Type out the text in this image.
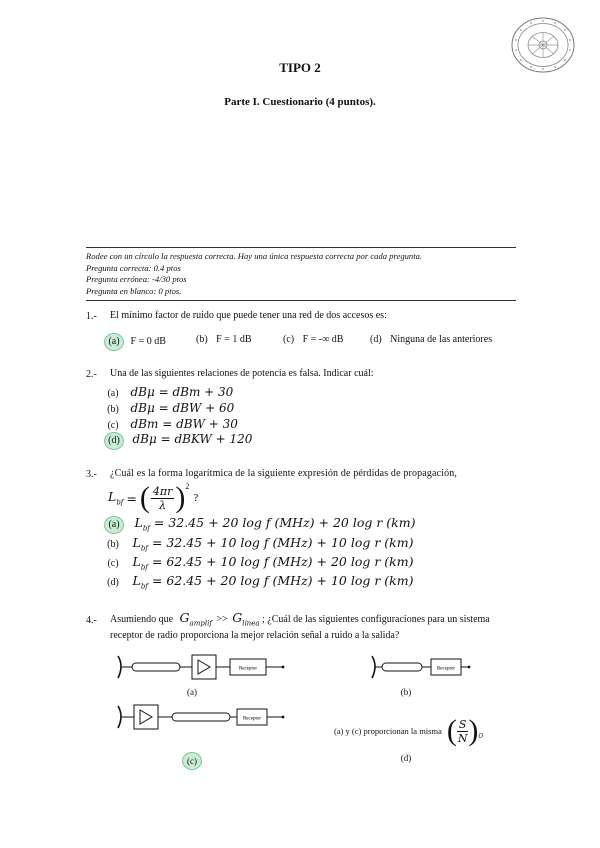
TIPO 2
Parte I. Cuestionario (4 puntos).
Rodee con un círculo la respuesta correcta. Hay una única respuesta correcta por cada pregunta.
Pregunta correcta: 0.4 ptos
Pregunta errónea: -4/30 ptos
Pregunta en blanco: 0 ptos.
1.- El mínimo factor de ruido que puede tener una red de dos accesos es:
(a) F = 0 dB	(b) F = 1 dB	(c) F = -∞ dB	(d) Ninguna de las anteriores
2.- Una de las siguientes relaciones de potencia es falsa. Indicar cuál:
(a) dBμ = dBm + 30
(b) dBμ = dBW + 60
(c) dBm = dBW + 30
(d) dBμ = dBKW + 120
3.- ¿Cuál es la forma logarítmica de la siguiente expresión de pérdidas de propagación,
$L_{bf}$ = ( $\frac{4\pi r}{\lambda}$ ) 2
?
(a) $L_{bf} = 32.45 + 20$ log f (MHz) + 20 log r (km)
(b) $L_{bf} = 32.45 + 10$ log f (MHz) + 10 log r (km)
(c) $L_{bf} = 62.45 + 10$ log f (MHz) + 20 log r (km)
(d) $L_{bf} = 62.45 + 20$ log f (MHz) + 10 log r (km)
4.- Asumiendo que $G_{amplif} >> G_{línea}$ ; ¿Cuál de las siguientes configuraciones para un sistema
receptor de radio proporciona la mejor relación señal a ruido a la salida?
Receptor
(a)
Receptor
(b)
Receptor
(c)
(a) y (c) proporcionan la misma ( S
N ) O
(d)
